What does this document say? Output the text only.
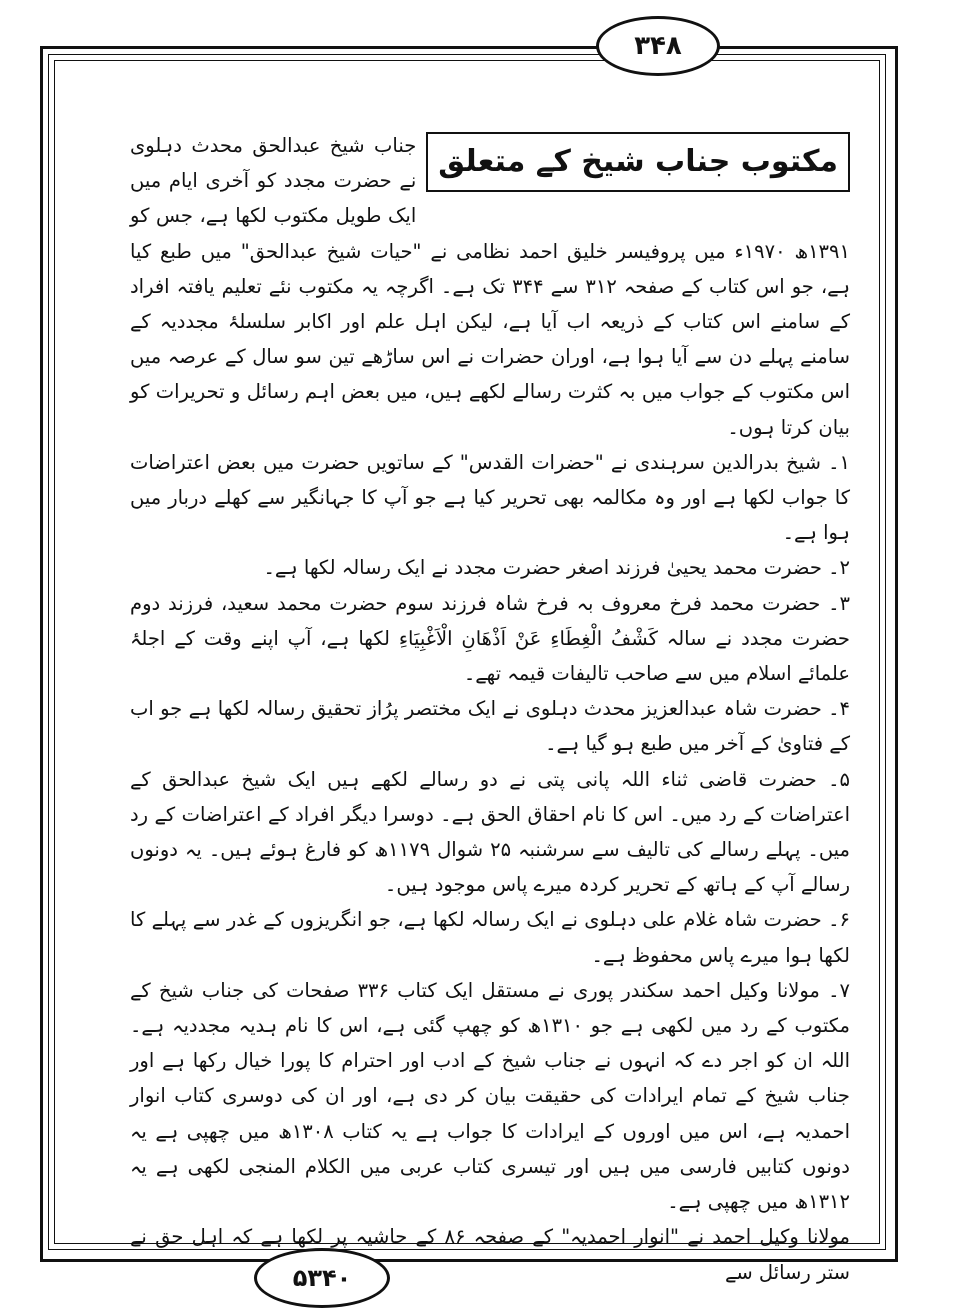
۳۴۸
مکتوب جناب شیخ کے متعلق

جناب شیخ عبدالحق محدث دہلوی نے حضرت مجدد کو آخری ایام میں ایک طویل مکتوب لکھا ہے، جس کو ۱۳۹۱ھ ۱۹۷۰ء میں پروفیسر خلیق احمد نظامی نے "حیات شیخ عبدالحق" میں طبع کیا ہے، جو اس کتاب کے صفحہ ۳۱۲ سے ۳۴۴ تک ہے۔ اگرچہ یہ مکتوب نئے تعلیم یافتہ افراد کے سامنے اس کتاب کے ذریعہ اب آیا ہے، لیکن اہل علم اور اکابر سلسلۂ مجددیہ کے سامنے پہلے دن سے آیا ہوا ہے، اوران حضرات نے اس ساڑھے تین سو سال کے عرصہ میں اس مکتوب کے جواب میں بہ کثرت رسالے لکھے ہیں، میں بعض اہم رسائل و تحریرات کو بیان کرتا ہوں۔

۱۔ شیخ بدرالدین سرہندی نے "حضرات القدس" کے ساتویں حضرت میں بعض اعتراضات کا جواب لکھا ہے اور وہ مکالمہ بھی تحریر کیا ہے جو آپ کا جہانگیر سے کھلے دربار میں ہوا ہے۔

۲۔ حضرت محمد یحییٰ فرزند اصغر حضرت مجدد نے ایک رسالہ لکھا ہے۔

۳۔ حضرت محمد فرخ معروف بہ فرخ شاہ فرزند سوم حضرت محمد سعید، فرزند دوم حضرت مجدد نے سالہ کَشْفُ الْغِطَاءِ عَنْ اَذْھَانِ الْاَغْبِیَاءِ لکھا ہے، آپ اپنے وقت کے اجلۂ علمائے اسلام میں سے صاحب تالیفات قیمہ تھے۔

۴۔ حضرت شاہ عبدالعزیز محدث دہلوی نے ایک مختصر پرُاز تحقیق رسالہ لکھا ہے جو اب کے فتاویٰ کے آخر میں طبع ہو گیا ہے۔

۵۔ حضرت قاضی ثناء اللہ پانی پتی نے دو رسالے لکھے ہیں ایک شیخ عبدالحق کے اعتراضات کے رد میں۔ اس کا نام احقاق الحق ہے۔ دوسرا دیگر افراد کے اعتراضات کے رد میں۔ پہلے رسالے کی تالیف سے سرشنبہ ۲۵ شوال ۱۱۷۹ھ کو فارغ ہوئے ہیں۔ یہ دونوں رسالے آپ کے ہاتھ کے تحریر کردہ میرے پاس موجود ہیں۔

۶۔ حضرت شاہ غلام علی دہلوی نے ایک رسالہ لکھا ہے، جو انگریزوں کے غدر سے پہلے کا لکھا ہوا میرے پاس محفوظ ہے۔

۷۔ مولانا وکیل احمد سکندر پوری نے مستقل ایک کتاب ۳۳۶ صفحات کی جناب شیخ کے مکتوب کے رد میں لکھی ہے جو ۱۳۱۰ھ کو چھپ گئی ہے، اس کا نام ہدیہ مجددیہ ہے۔ اللہ ان کو اجر دے کہ انہوں نے جناب شیخ کے ادب اور احترام کا پورا خیال رکھا ہے اور جناب شیخ کے تمام ایرادات کی حقیقت بیان کر دی ہے، اور ان کی دوسری کتاب انوار احمدیہ ہے، اس میں اوروں کے ایرادات کا جواب ہے یہ کتاب ۱۳۰۸ھ میں چھپی ہے یہ دونوں کتابیں فارسی میں ہیں اور تیسری کتاب عربی میں الکلام المنجی لکھی ہے یہ ۱۳۱۲ھ میں چھپی ہے۔

مولانا وکیل احمد نے "انوار احمدیہ" کے صفحہ ۸۶ کے حاشیہ پر لکھا ہے کہ اہل حق نے ستر رسائل سے

۵۳۴۰
